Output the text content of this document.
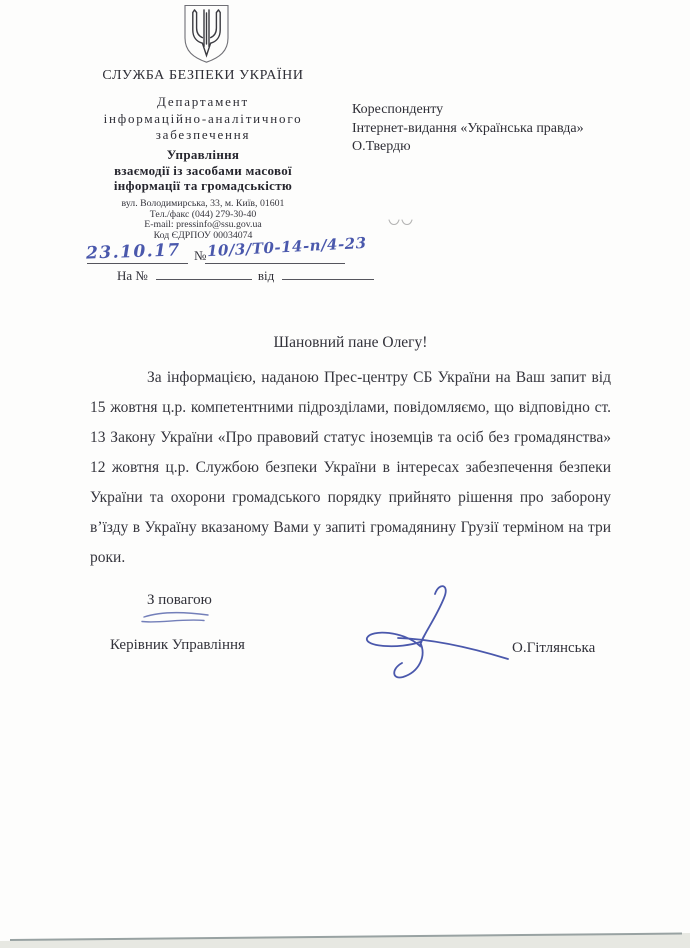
СЛУЖБА БЕЗПЕКИ УКРАЇНИ
Департамент
інформаційно-аналітичного
забезпечення
Управління
взаємодії із засобами масової
інформації та громадськістю
вул. Володимирська, 33, м. Київ, 01601
Тел./факс (044) 279-30-40
E-mail: pressinfo@ssu.gov.ua
Код ЄДРПОУ 00034074
23.10.17 № 10/3/Т0-14-п/4-23
На №	від
Кореспонденту
Інтернет-видання «Українська правда»
О.Твердю
Шановний пане Олегу!
За інформацією, наданою Прес-центру СБ України на Ваш запит від 15 жовтня ц.р. компетентними підрозділами, повідомляємо, що відповідно ст. 13 Закону України «Про правовий статус іноземців та осіб без громадянства» 12 жовтня ц.р. Службою безпеки України в інтересах забезпечення безпеки України та охорони громадського порядку прийнято рішення про заборону в’їзду в Україну вказаному Вами у запиті громадянину Грузії терміном на три роки.
З повагою
Керівник Управління	О.Гітлянська
